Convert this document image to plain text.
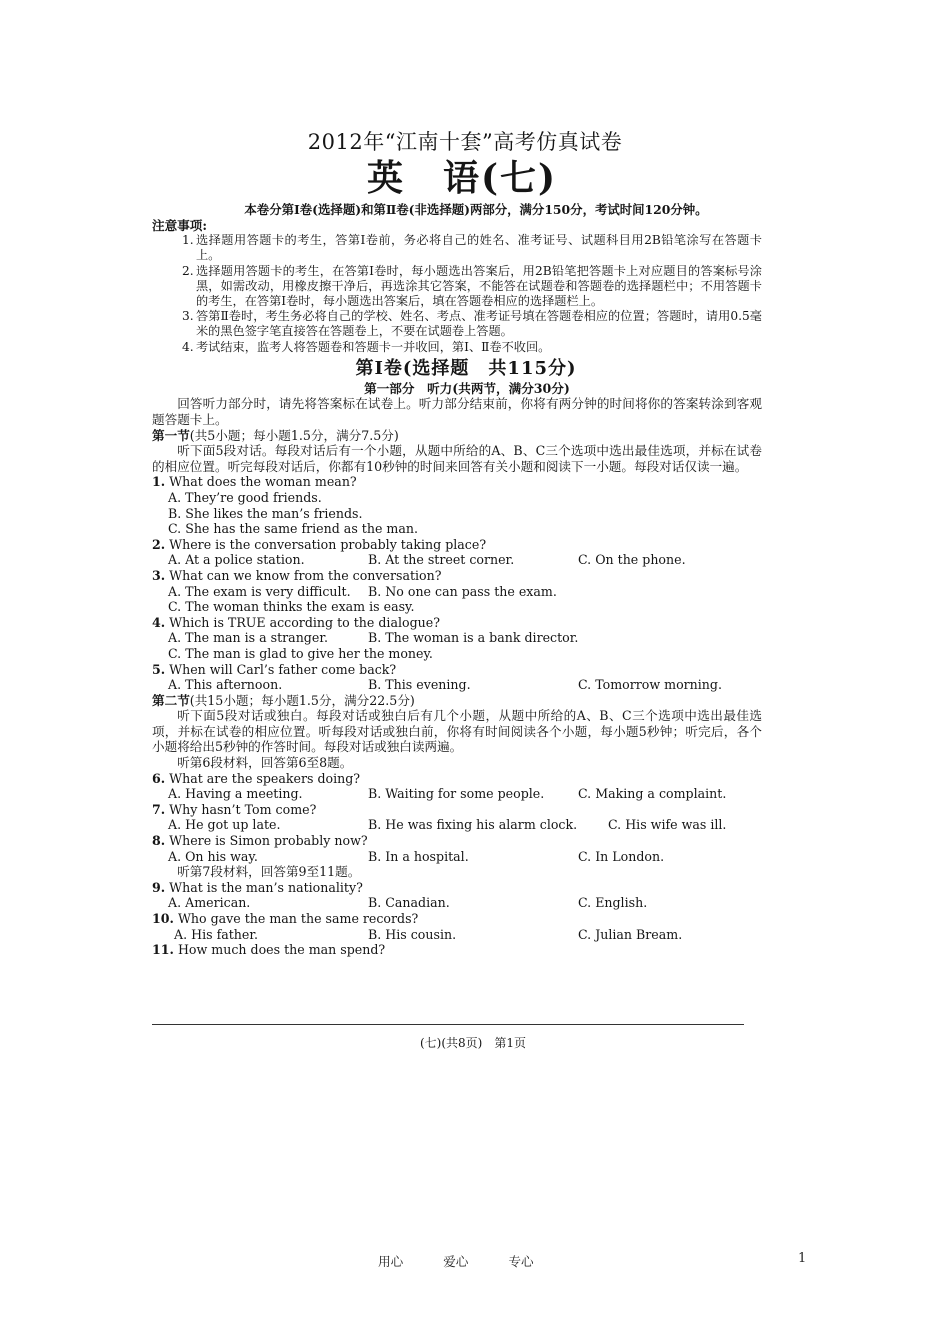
2012年“江南十套”高考仿真试卷
英　语(七)
本卷分第Ⅰ卷(选择题)和第Ⅱ卷(非选择题)两部分，满分150分，考试时间120分钟。
注意事项:
1. 选择题用答题卡的考生，答第Ⅰ卷前，务必将自己的姓名、准考证号、试题科目用2B铅笔涂写在答题卡上。
2. 选择题用答题卡的考生，在答第Ⅰ卷时，每小题选出答案后，用2B铅笔把答题卡上对应题目的答案标号涂黑，如需改动，用橡皮擦干净后，再选涂其它答案，不能答在试题卷和答题卷的选择题栏中；不用答题卡的考生，在答第Ⅰ卷时，每小题选出答案后，填在答题卷相应的选择题栏上。
3. 答第Ⅱ卷时，考生务必将自己的学校、姓名、考点、准考证号填在答题卷相应的位置；答题时，请用0.5毫米的黑色签字笔直接答在答题卷上，不要在试题卷上答题。
4. 考试结束，监考人将答题卷和答题卡一并收回，第Ⅰ、Ⅱ卷不收回。
第Ⅰ卷(选择题　共115分)
第一部分　听力(共两节，满分30分)
回答听力部分时，请先将答案标在试卷上。听力部分结束前，你将有两分钟的时间将你的答案转涂到客观题答题卡上。
第一节(共5小题；每小题1.5分，满分7.5分)
听下面5段对话。每段对话后有一个小题，从题中所给的A、B、C三个选项中选出最佳选项，并标在试卷的相应位置。听完每段对话后，你都有10秒钟的时间来回答有关小题和阅读下一小题。每段对话仅读一遍。
1. What does the woman mean?
A. They’re good friends.
B. She likes the man’s friends.
C. She has the same friend as the man.
2. Where is the conversation probably taking place?
A. At a police station.	B. At the street corner.	C. On the phone.
3. What can we know from the conversation?
A. The exam is very difficult. B. No one can pass the exam.
C. The woman thinks the exam is easy.
4. Which is TRUE according to the dialogue?
A. The man is a stranger.	B. The woman is a bank director.
C. The man is glad to give her the money.
5. When will Carl’s father come back?
A. This afternoon.	B. This evening.	C. Tomorrow morning.
第二节(共15小题；每小题1.5分，满分22.5分)
听下面5段对话或独白。每段对话或独白后有几个小题，从题中所给的A、B、C三个选项中选出最佳选项，并标在试卷的相应位置。听每段对话或独白前，你将有时间阅读各个小题，每小题5秒钟；听完后，各个小题将给出5秒钟的作答时间。每段对话或独白读两遍。
听第6段材料，回答第6至8题。
6. What are the speakers doing?
A. Having a meeting.	B. Waiting for some people.	C. Making a complaint.
7. Why hasn’t Tom come?
A. He got up late.	B. He was fixing his alarm clock. C. His wife was ill.
8. Where is Simon probably now?
A. On his way.	B. In a hospital.	C. In London.
听第7段材料，回答第9至11题。
9. What is the man’s nationality?
A. American.	B. Canadian.	C. English.
10. Who gave the man the same records?
A. His father.	B. His cousin.	C. Julian Bream.
11. How much does the man spend?
(七)(共8页)　第1页
用心	爱心	专心	1
